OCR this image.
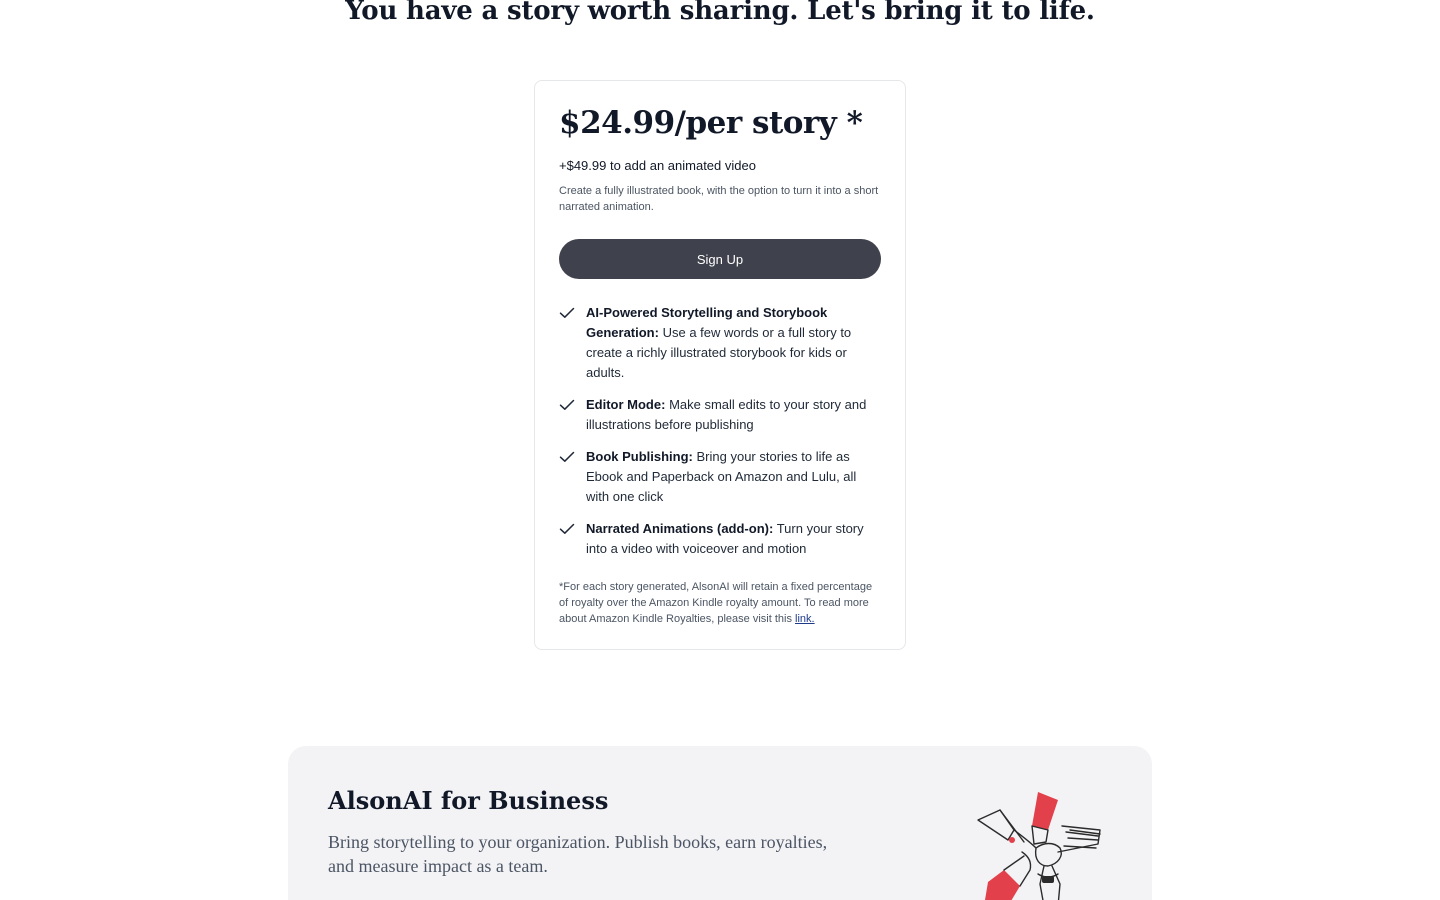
You have a story worth sharing. Let's bring it to life.
$24.99/per story *
+$49.99 to add an animated video
Create a fully illustrated book, with the option to turn it into a short narrated animation.
Sign Up
AI-Powered Storytelling and Storybook Generation: Use a few words or a full story to create a richly illustrated storybook for kids or adults.
Editor Mode: Make small edits to your story and illustrations before publishing
Book Publishing: Bring your stories to life as Ebook and Paperback on Amazon and Lulu, all with one click
Narrated Animations (add-on): Turn your story into a video with voiceover and motion

*For each story generated, AlsonAI will retain a fixed percentage of royalty over the Amazon Kindle royalty amount. To read more about Amazon Kindle Royalties, please visit this link.

AlsonAI for Business

Bring storytelling to your organization. Publish books, earn royalties, and measure impact as a team.
